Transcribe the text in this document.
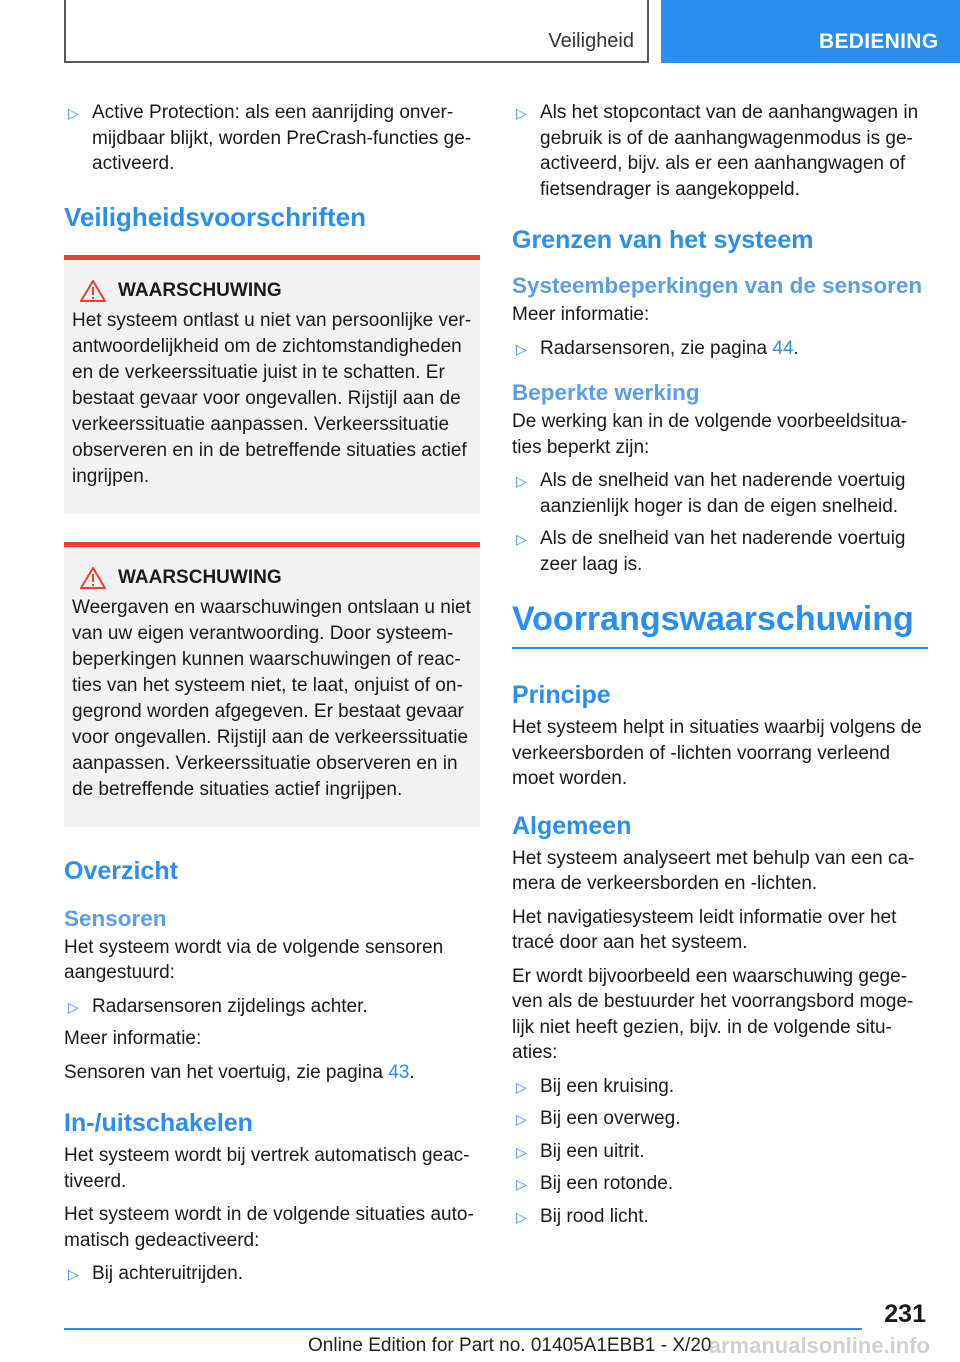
Veiligheid	BEDIENING
▷ Active Protection: als een aanrijding onvermijdbaar blijkt, worden PreCrash-functies geactiveerd.
Veiligheidsvoorschriften
WAARSCHUWING

Het systeem ontlast u niet van persoonlijke verantwoordelijkheid om de zichtomstandigheden en de verkeerssituatie juist in te schatten. Er bestaat gevaar voor ongevallen. Rijstijl aan de verkeerssituatie aanpassen. Verkeerssituatie observeren en in de betreffende situaties actief ingrijpen.

WAARSCHUWING

Weergaven en waarschuwingen ontslaan u niet van uw eigen verantwoording. Door systeembeperkingen kunnen waarschuwingen of reacties van het systeem niet, te laat, onjuist of ongegrond worden afgegeven. Er bestaat gevaar voor ongevallen. Rijstijl aan de verkeerssituatie aanpassen. Verkeerssituatie observeren en in de betreffende situaties actief ingrijpen.

Overzicht
Sensoren

Het systeem wordt via de volgende sensoren aangestuurd:

▷ Radarsensoren zijdelings achter.

Meer informatie:

Sensoren van het voertuig, zie pagina 43.

In-/uitschakelen

Het systeem wordt bij vertrek automatisch geactiveerd.

Het systeem wordt in de volgende situaties automatisch gedeactiveerd:

▷ Bij achteruitrijden.
▷ Als het stopcontact van de aanhangwagen in gebruik is of de aanhangwagenmodus is geactiveerd, bijv. als er een aanhangwagen of fietsendrager is aangekoppeld.
Grenzen van het systeem
Systeembeperkingen van de sensoren

Meer informatie:

▷ Radarsensoren, zie pagina 44.
Beperkte werking

De werking kan in de volgende voorbeeldsituaties beperkt zijn:

▷ Als de snelheid van het naderende voertuig aanzienlijk hoger is dan de eigen snelheid.
▷ Als de snelheid van het naderende voertuig zeer laag is.
Voorrangswaarschuwing
Principe

Het systeem helpt in situaties waarbij volgens de verkeersborden of -lichten voorrang verleend moet worden.

Algemeen

Het systeem analyseert met behulp van een camera de verkeersborden en -lichten.

Het navigatiesysteem leidt informatie over het tracé door aan het systeem.

Er wordt bijvoorbeeld een waarschuwing gegeven als de bestuurder het voorrangsbord mogelijk niet heeft gezien, bijv. in de volgende situaties:

▷ Bij een kruising.
▷ Bij een overweg.
▷ Bij een uitrit.
▷ Bij een rotonde.
▷ Bij rood licht.
231
Online Edition for Part no. 01405A1EBB1 - X/20
armanualsonline.info
